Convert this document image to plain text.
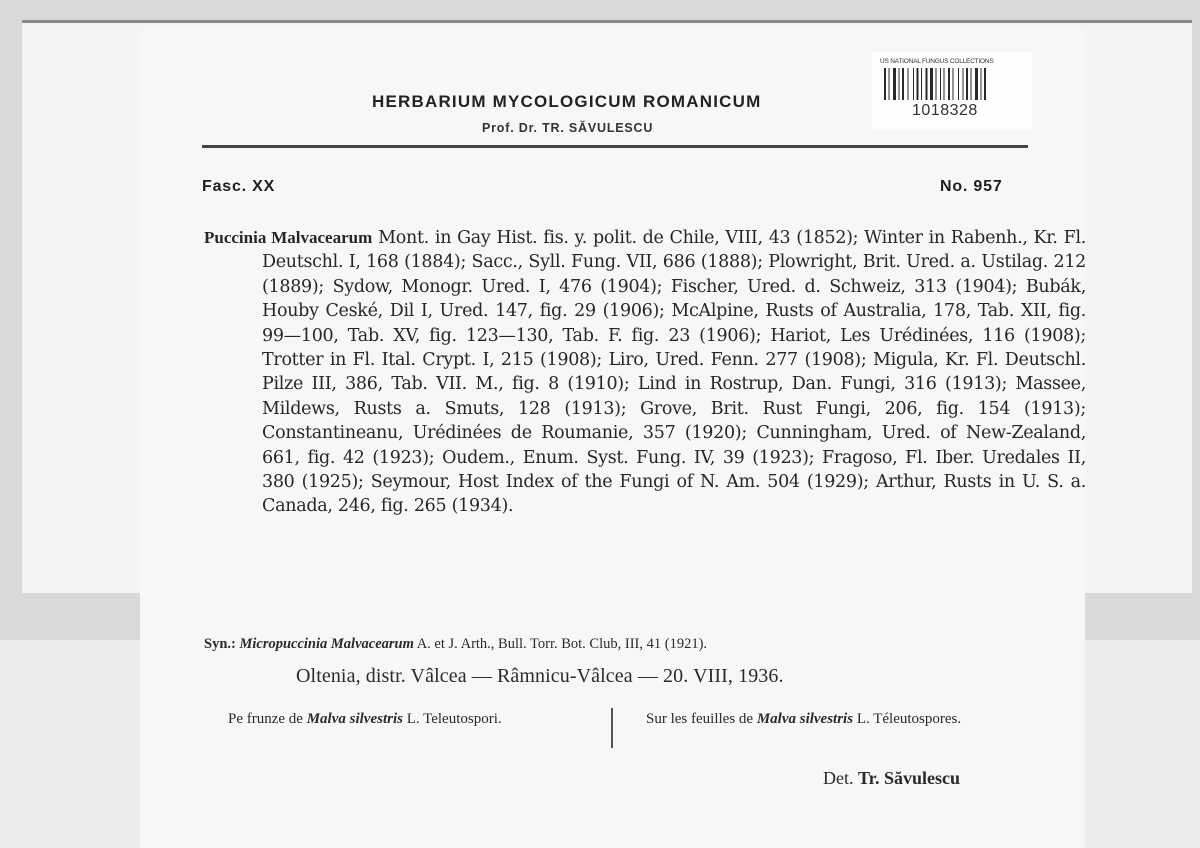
HERBARIUM MYCOLOGICUM ROMANICUM
Prof. Dr. TR. SĂVULESCU
US NATIONAL FUNGUS COLLECTIONS
1018328
Fasc. XX	No. 957
Puccinia Malvacearum Mont. in Gay Hist. fis. y. polit. de Chile, VIII, 43 (1852); Winter in Rabenh., Kr. Fl. Deutschl. I, 168 (1884); Sacc., Syll. Fung. VII, 686 (1888); Plowright, Brit. Ured. a. Ustilag. 212 (1889); Sydow, Monogr. Ured. I, 476 (1904); Fischer, Ured. d. Schweiz, 313 (1904); Bubák, Houby Ceské, Dil I, Ured. 147, fig. 29 (1906); McAlpine, Rusts of Australia, 178, Tab. XII, fig. 99—100, Tab. XV, fig. 123—130, Tab. F. fig. 23 (1906); Hariot, Les Urédinées, 116 (1908); Trotter in Fl. Ital. Crypt. I, 215 (1908); Liro, Ured. Fenn. 277 (1908); Migula, Kr. Fl. Deutschl. Pilze III, 386, Tab. VII. M., fig. 8 (1910); Lind in Rostrup, Dan. Fungi, 316 (1913); Massee, Mildews, Rusts a. Smuts, 128 (1913); Grove, Brit. Rust Fungi, 206, fig. 154 (1913); Constantineanu, Urédinées de Roumanie, 357 (1920); Cunningham, Ured. of New-Zealand, 661, fig. 42 (1923); Oudem., Enum. Syst. Fung. IV, 39 (1923); Fragoso, Fl. Iber. Uredales II, 380 (1925); Seymour, Host Index of the Fungi of N. Am. 504 (1929); Arthur, Rusts in U. S. a. Canada, 246, fig. 265 (1934).
Syn.: Micropuccinia Malvacearum A. et J. Arth., Bull. Torr. Bot. Club, III, 41 (1921).
Oltenia, distr. Vâlcea — Râmnicu-Vâlcea — 20. VIII, 1936.
Pe frunze de Malva silvestris L. Teleutospori.	Sur les feuilles de Malva silvestris L. Téleutospores.
Det. Tr. Săvulescu
